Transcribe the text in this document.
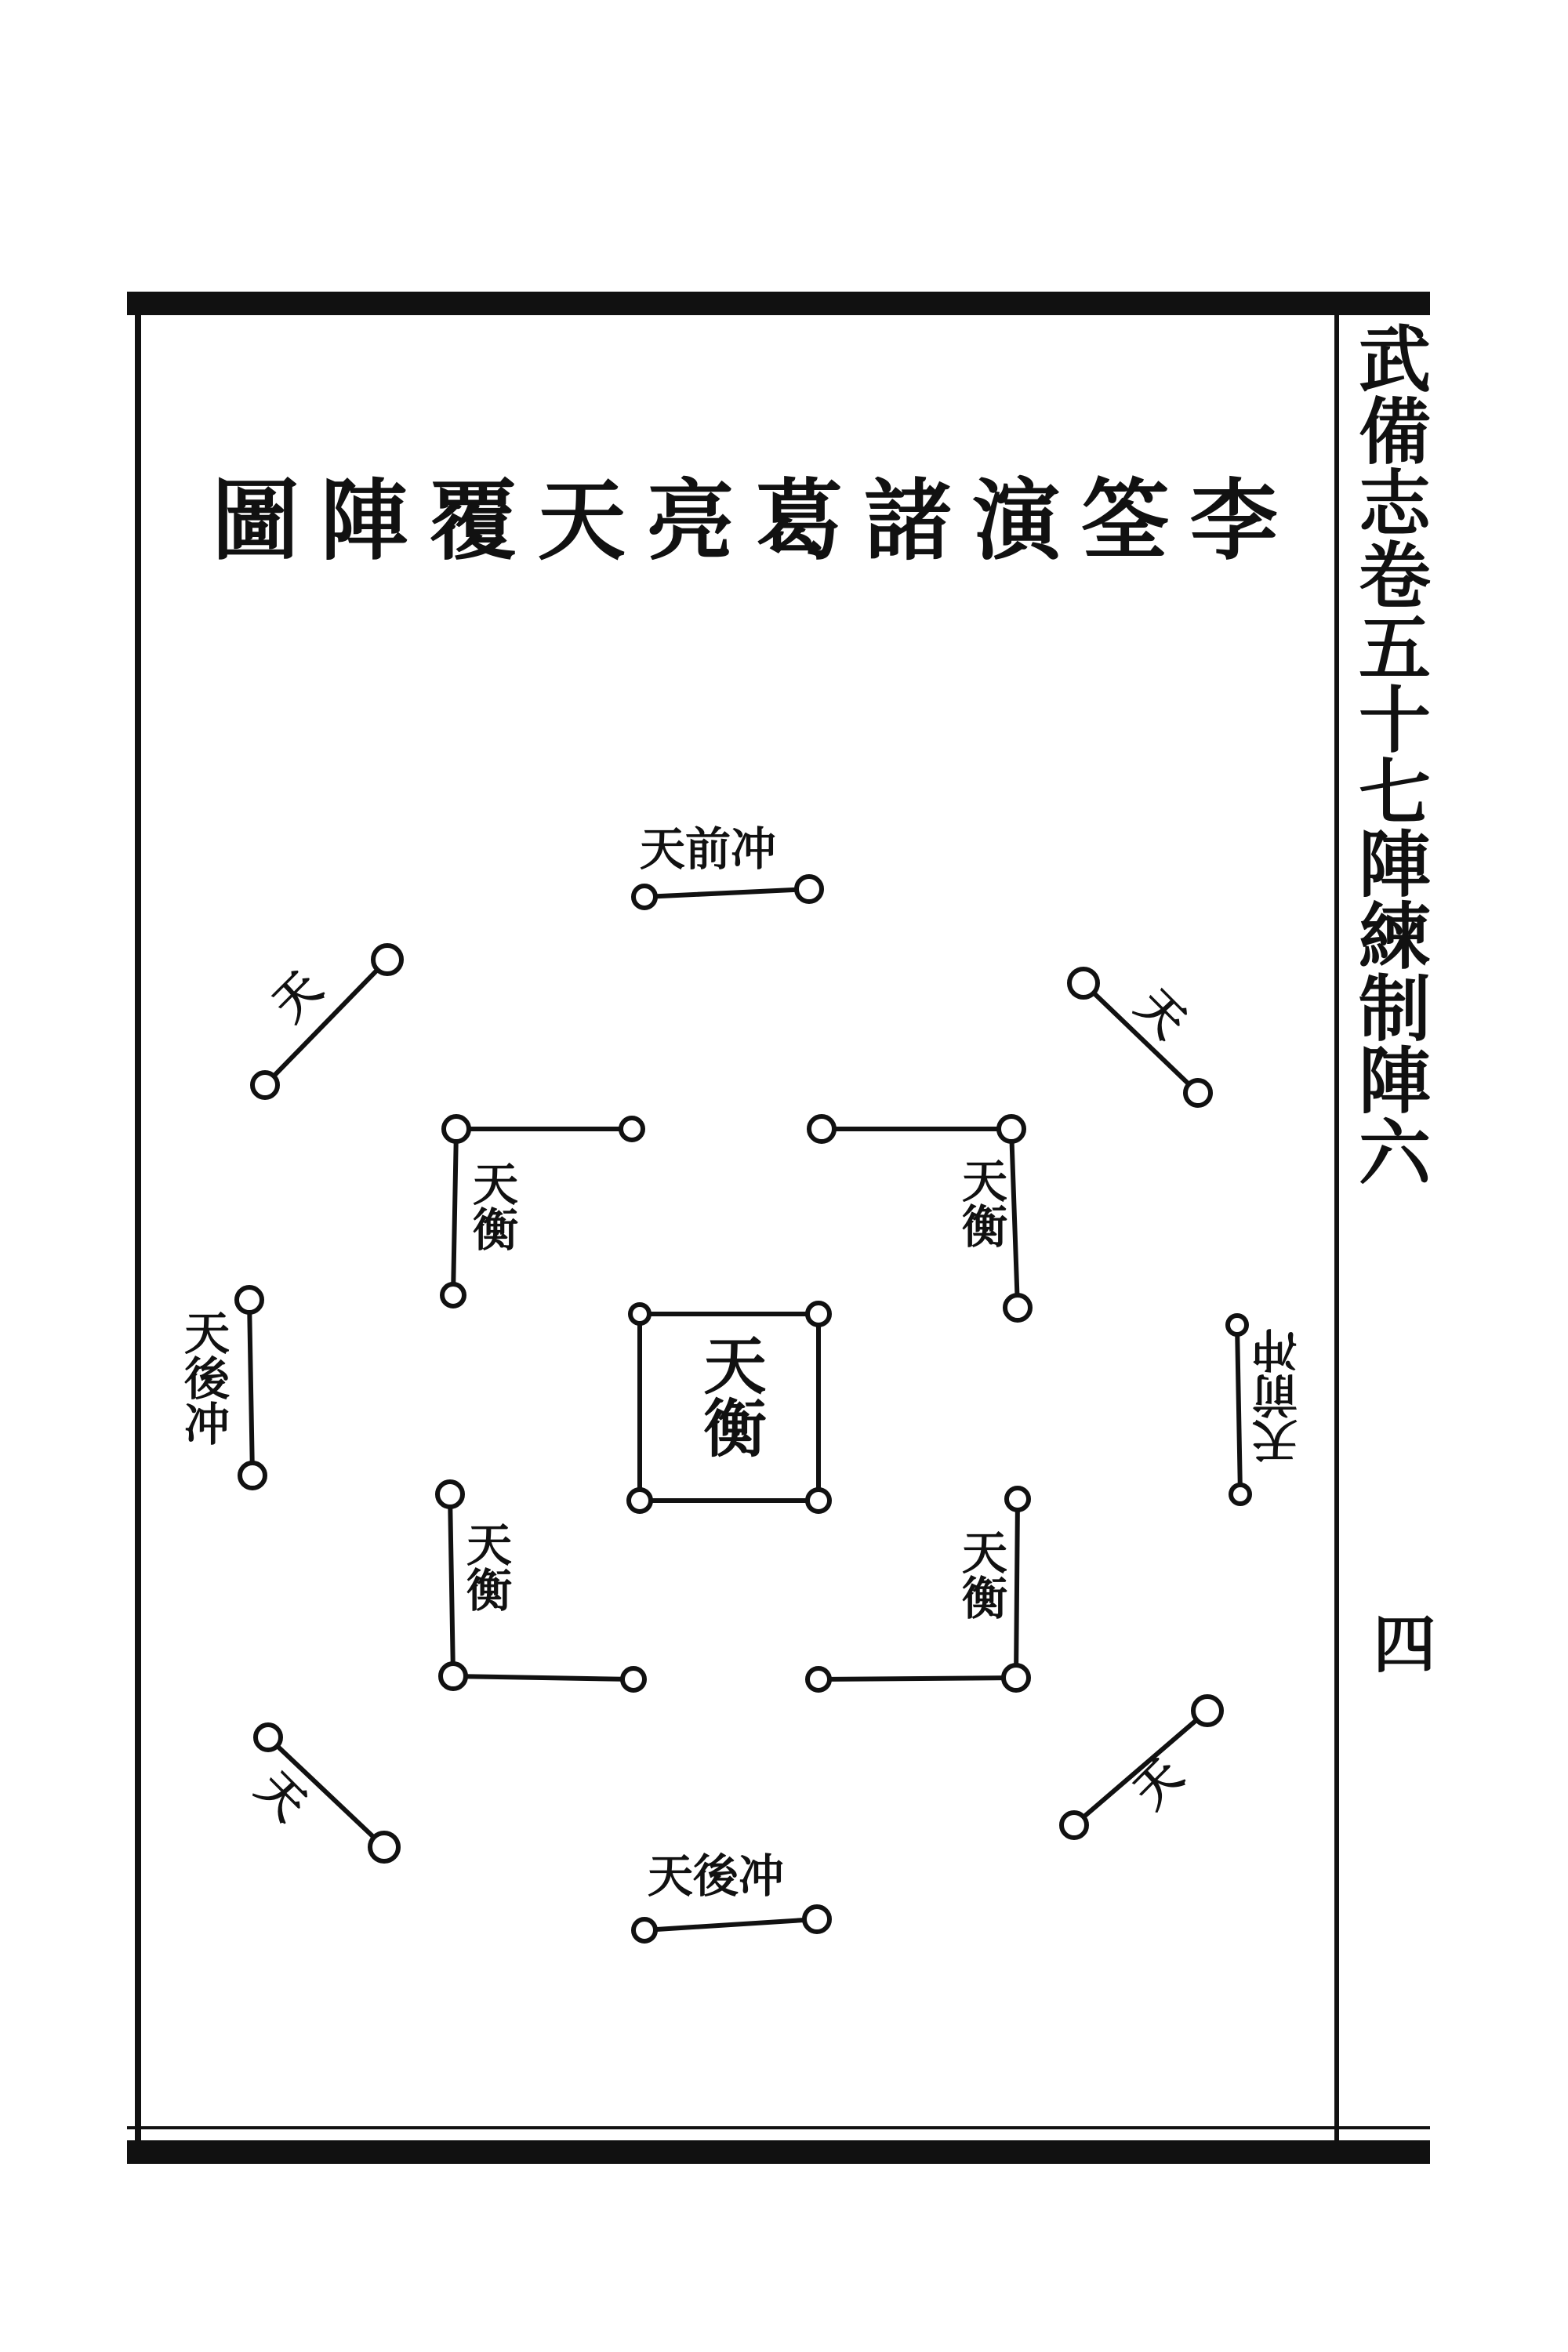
李
筌
演
諸
葛
亮
天
覆
陣
圖	武備志卷五十七陣練制陣六
四
天前冲
天後冲
天後冲	天前冲
天衡
天衡	天衡
天衡	天衡
天	天
天	天
